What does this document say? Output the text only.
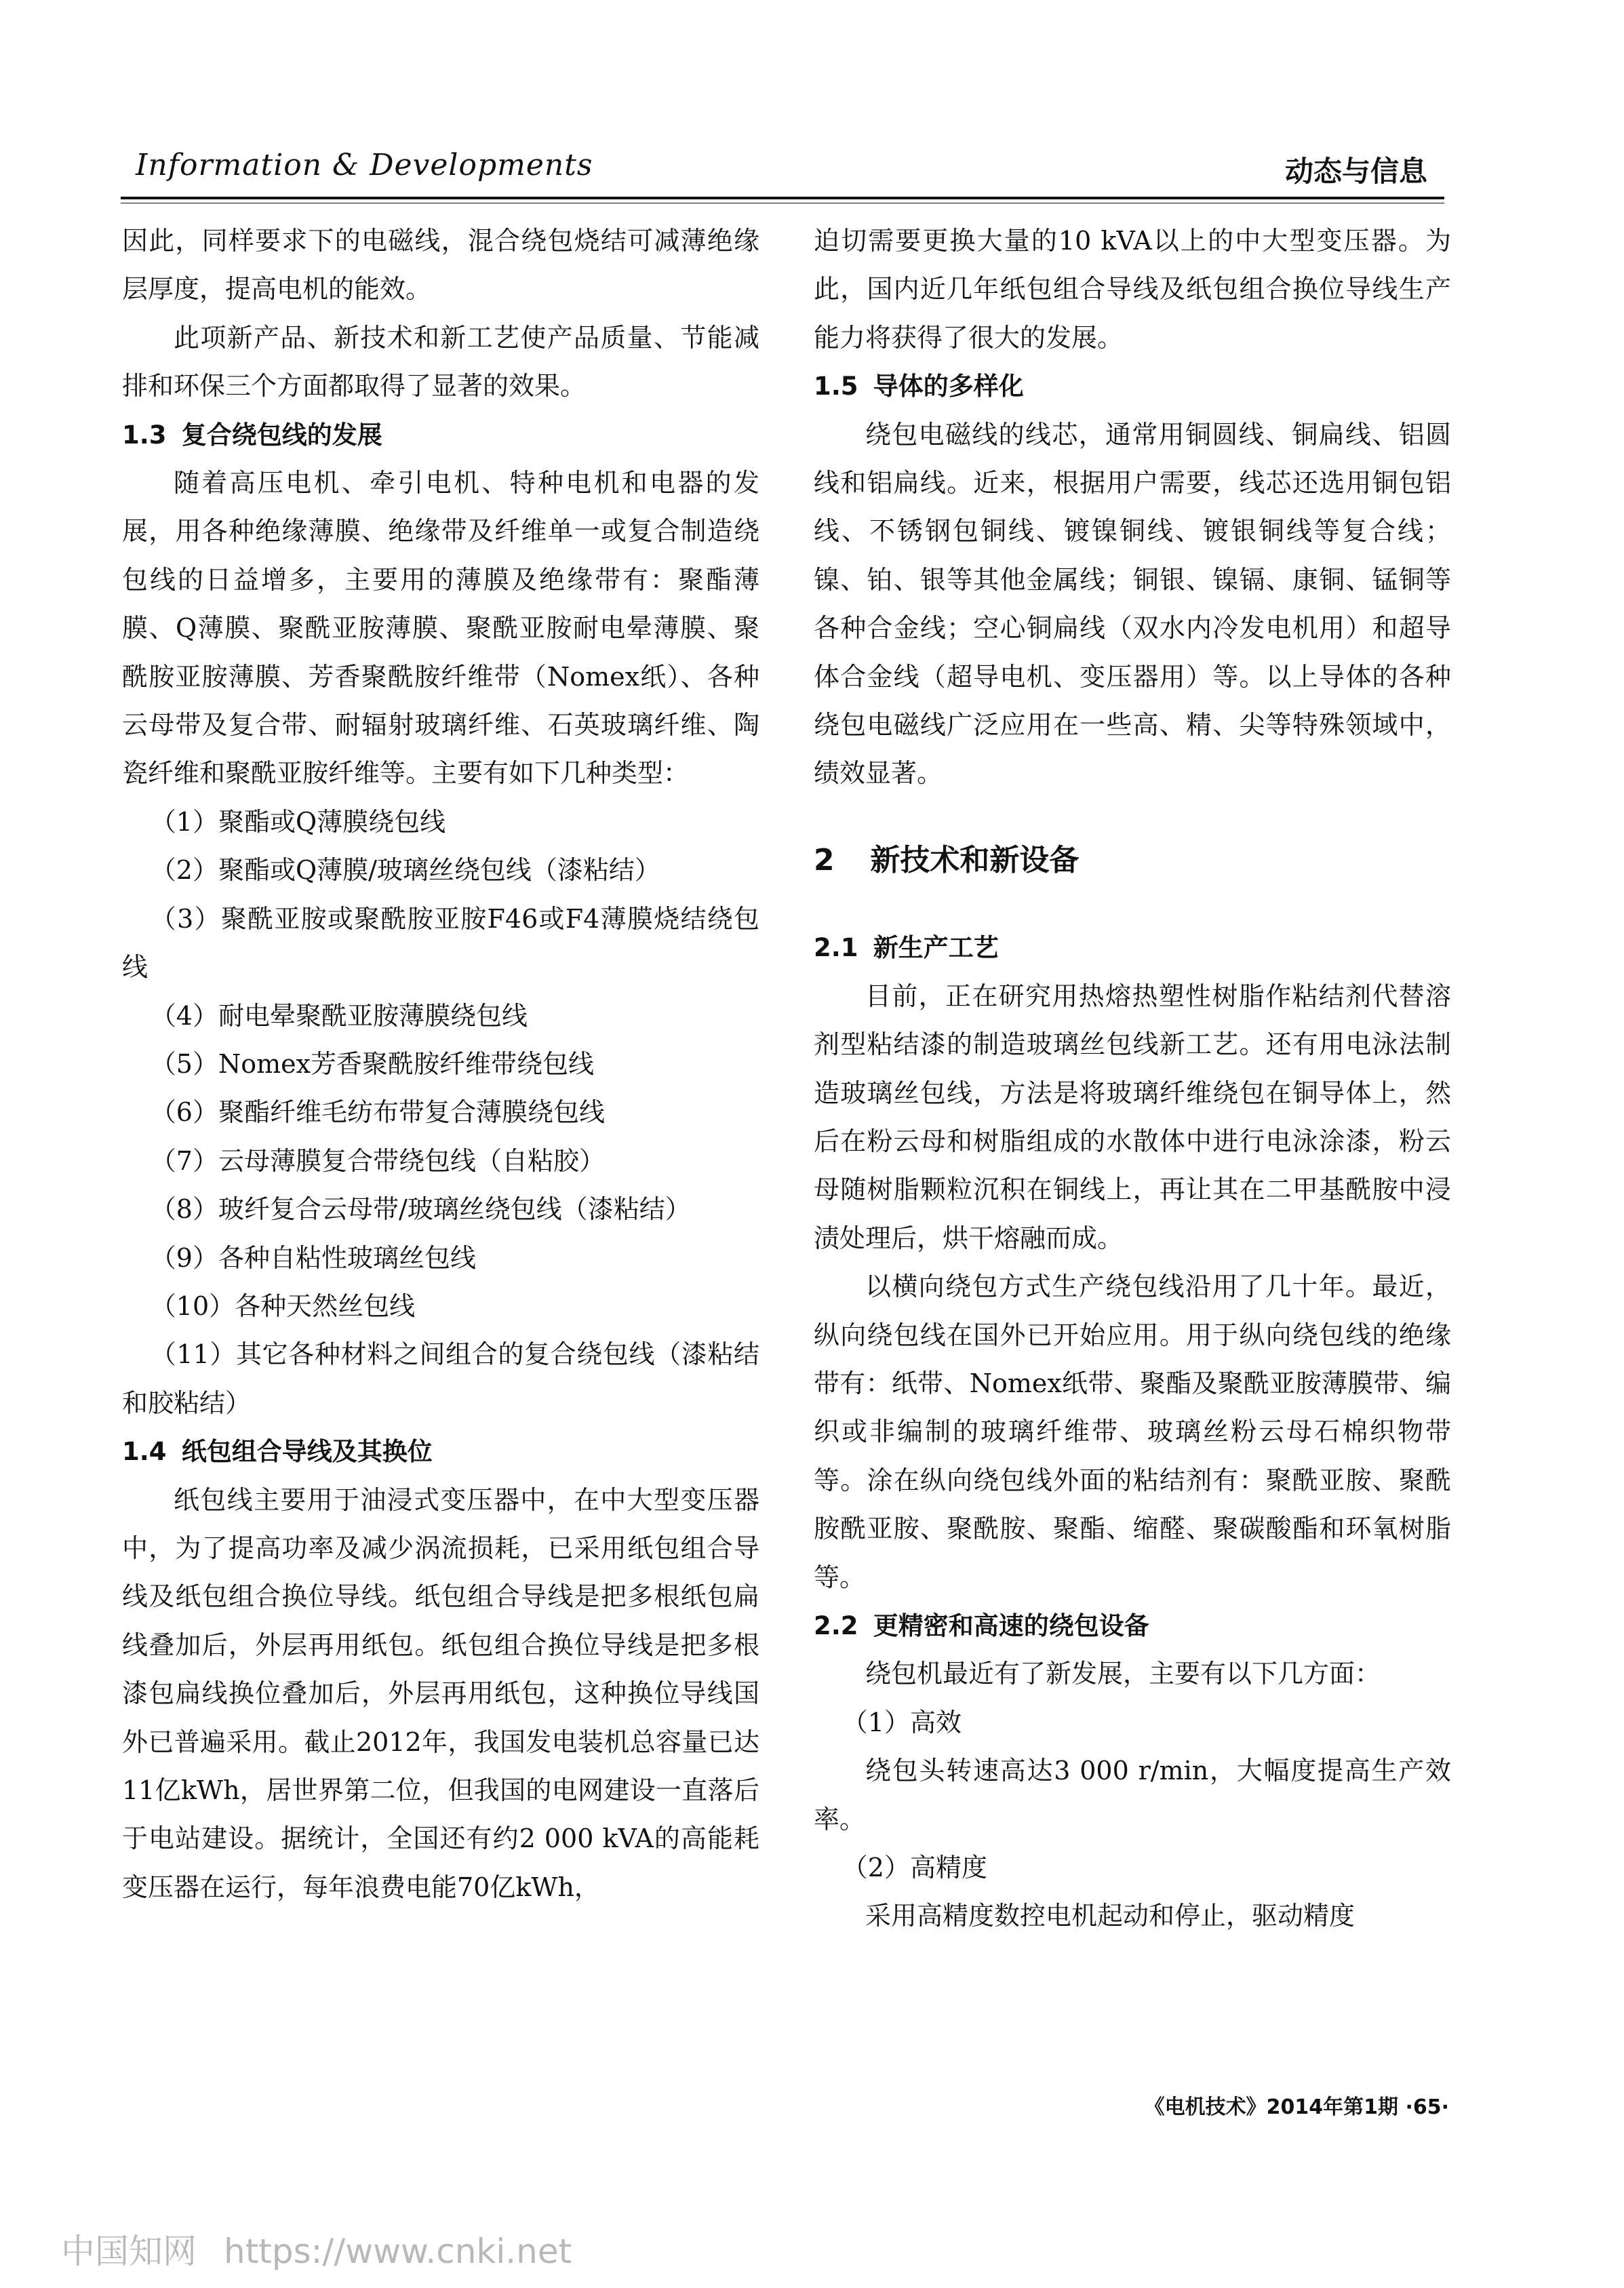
Information & Developments	动态与信息

因此，同样要求下的电磁线，混合绕包烧结可减薄绝缘层厚度，提高电机的能效。

此项新产品、新技术和新工艺使产品质量、节能减排和环保三个方面都取得了显著的效果。

1.3 复合绕包线的发展

随着高压电机、牵引电机、特种电机和电器的发展，用各种绝缘薄膜、绝缘带及纤维单一或复合制造绕包线的日益增多，主要用的薄膜及绝缘带有：聚酯薄膜、Q薄膜、聚酰亚胺薄膜、聚酰亚胺耐电晕薄膜、聚酰胺亚胺薄膜、芳香聚酰胺纤维带（Nomex纸）、各种云母带及复合带、耐辐射玻璃纤维、石英玻璃纤维、陶瓷纤维和聚酰亚胺纤维等。主要有如下几种类型：

（1）聚酯或Q薄膜绕包线

（2）聚酯或Q薄膜/玻璃丝绕包线（漆粘结）

（3）聚酰亚胺或聚酰胺亚胺F46或F4薄膜烧结绕包线

（4）耐电晕聚酰亚胺薄膜绕包线

（5）Nomex芳香聚酰胺纤维带绕包线

（6）聚酯纤维毛纺布带复合薄膜绕包线

（7）云母薄膜复合带绕包线（自粘胶）

（8）玻纤复合云母带/玻璃丝绕包线（漆粘结）

（9）各种自粘性玻璃丝包线

（10）各种天然丝包线

（11）其它各种材料之间组合的复合绕包线（漆粘结和胶粘结）

1.4 纸包组合导线及其换位

纸包线主要用于油浸式变压器中，在中大型变压器中，为了提高功率及减少涡流损耗，已采用纸包组合导线及纸包组合换位导线。纸包组合导线是把多根纸包扁线叠加后，外层再用纸包。纸包组合换位导线是把多根漆包扁线换位叠加后，外层再用纸包，这种换位导线国外已普遍采用。截止2012年，我国发电装机总容量已达11亿kWh，居世界第二位，但我国的电网建设一直落后于电站建设。据统计，全国还有约2 000 kVA的高能耗变压器在运行，每年浪费电能70亿kWh，

迫切需要更换大量的10 kVA以上的中大型变压器。为此，国内近几年纸包组合导线及纸包组合换位导线生产能力将获得了很大的发展。

1.5 导体的多样化

绕包电磁线的线芯，通常用铜圆线、铜扁线、铝圆线和铝扁线。近来，根据用户需要，线芯还选用铜包铝线、不锈钢包铜线、镀镍铜线、镀银铜线等复合线；镍、铂、银等其他金属线；铜银、镍镉、康铜、锰铜等各种合金线；空心铜扁线（双水内冷发电机用）和超导体合金线（超导电机、变压器用）等。以上导体的各种绕包电磁线广泛应用在一些高、精、尖等特殊领域中，绩效显著。

2 新技术和新设备

2.1 新生产工艺

目前，正在研究用热熔热塑性树脂作粘结剂代替溶剂型粘结漆的制造玻璃丝包线新工艺。还有用电泳法制造玻璃丝包线，方法是将玻璃纤维绕包在铜导体上，然后在粉云母和树脂组成的水散体中进行电泳涂漆，粉云母随树脂颗粒沉积在铜线上，再让其在二甲基酰胺中浸渍处理后，烘干熔融而成。

以横向绕包方式生产绕包线沿用了几十年。最近，纵向绕包线在国外已开始应用。用于纵向绕包线的绝缘带有：纸带、Nomex纸带、聚酯及聚酰亚胺薄膜带、编织或非编制的玻璃纤维带、玻璃丝粉云母石棉织物带等。涂在纵向绕包线外面的粘结剂有：聚酰亚胺、聚酰胺酰亚胺、聚酰胺、聚酯、缩醛、聚碳酸酯和环氧树脂等。

2.2 更精密和高速的绕包设备

绕包机最近有了新发展，主要有以下几方面：

（1）高效

绕包头转速高达3 000 r/min，大幅度提高生产效率。

（2）高精度

采用高精度数控电机起动和停止，驱动精度

《电机技术》2014年第1期 ·65·
中国知网 https://www.cnki.net
